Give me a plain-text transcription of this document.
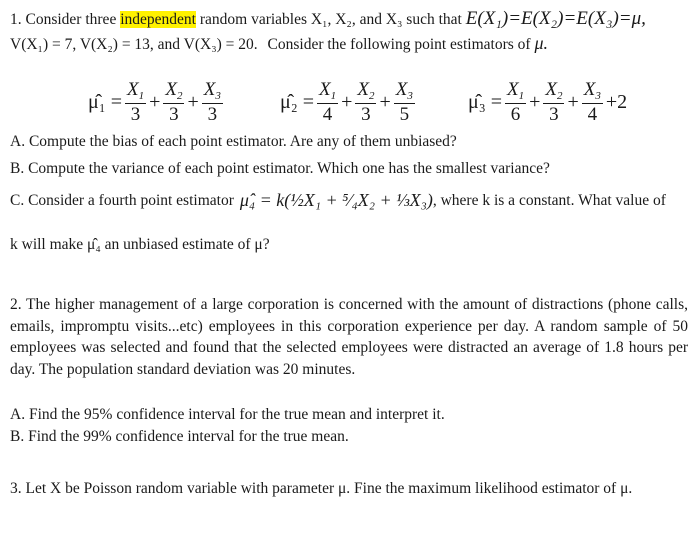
1. Consider three independent random variables X₁, X₂, and X₃ such that E(X₁)=E(X₂)=E(X₃)=μ,
V(X₁) = 7, V(X₂) = 13, and V(X₃) = 20. Consider the following point estimators of μ.
μ̂₁ = $\frac{X_1}{3} + \frac{X_2}{3} + \frac{X_3}{3}$	μ̂₂ = $\frac{X_1}{4} + \frac{X_2}{3} + \frac{X_3}{5}$	μ̂₃ = $\frac{X_1}{6} + \frac{X_2}{3} + \frac{X_3}{4} +2$
A. Compute the bias of each point estimator. Are any of them unbiased?
B. Compute the variance of each point estimator. Which one has the smallest variance?
C. Consider a fourth point estimator μ̂₄ = k(½X₁ + ⁵⁄₄X₂ + ⅓X₃) , where k is a constant. What value of
k will make μ̂₄ an unbiased estimate of μ?
2. The higher management of a large corporation is concerned with the amount of distractions (phone calls, emails, impromptu visits...etc) employees in this corporation experience per day. A random sample of 50 employees was selected and found that the selected employees were distracted an average of 1.8 hours per day. The population standard deviation was 20 minutes.
A. Find the 95% confidence interval for the true mean and interpret it.
B. Find the 99% confidence interval for the true mean.
3. Let X be Poisson random variable with parameter μ. Fine the maximum likelihood estimator of μ.
